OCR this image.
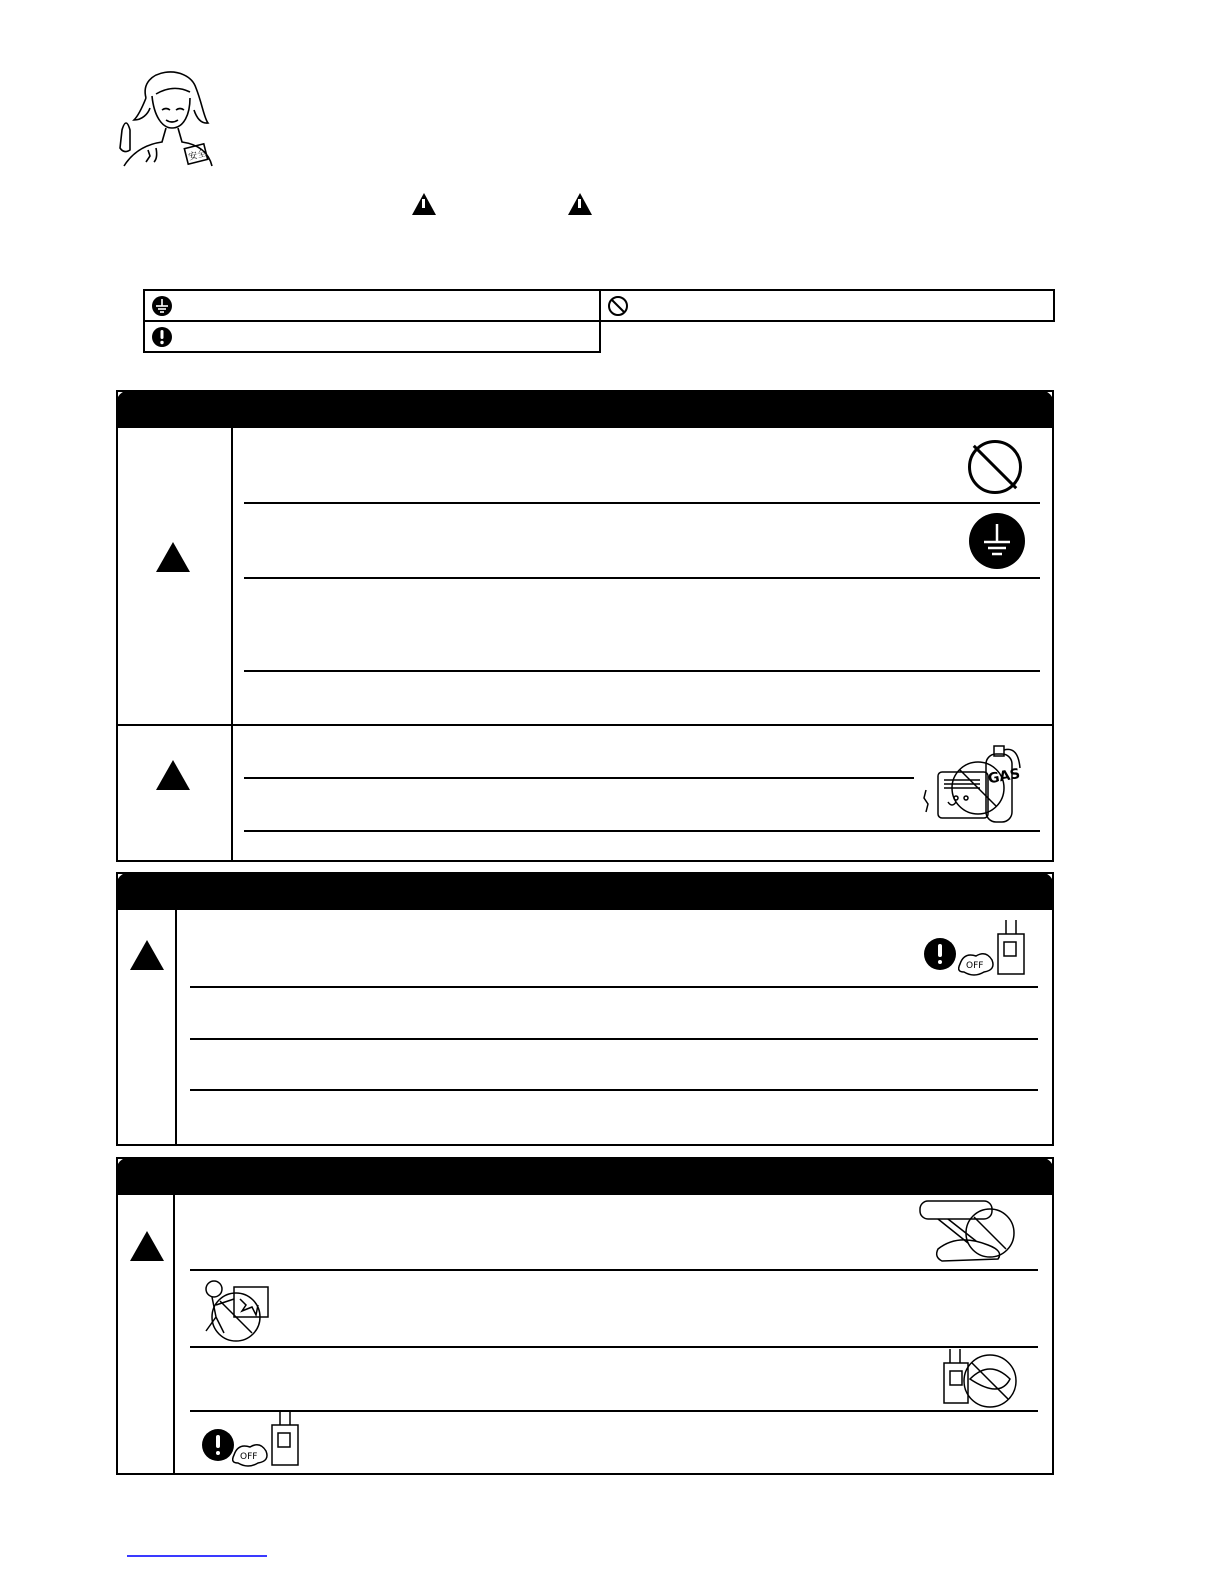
安全
GAS
OFF
OFF
